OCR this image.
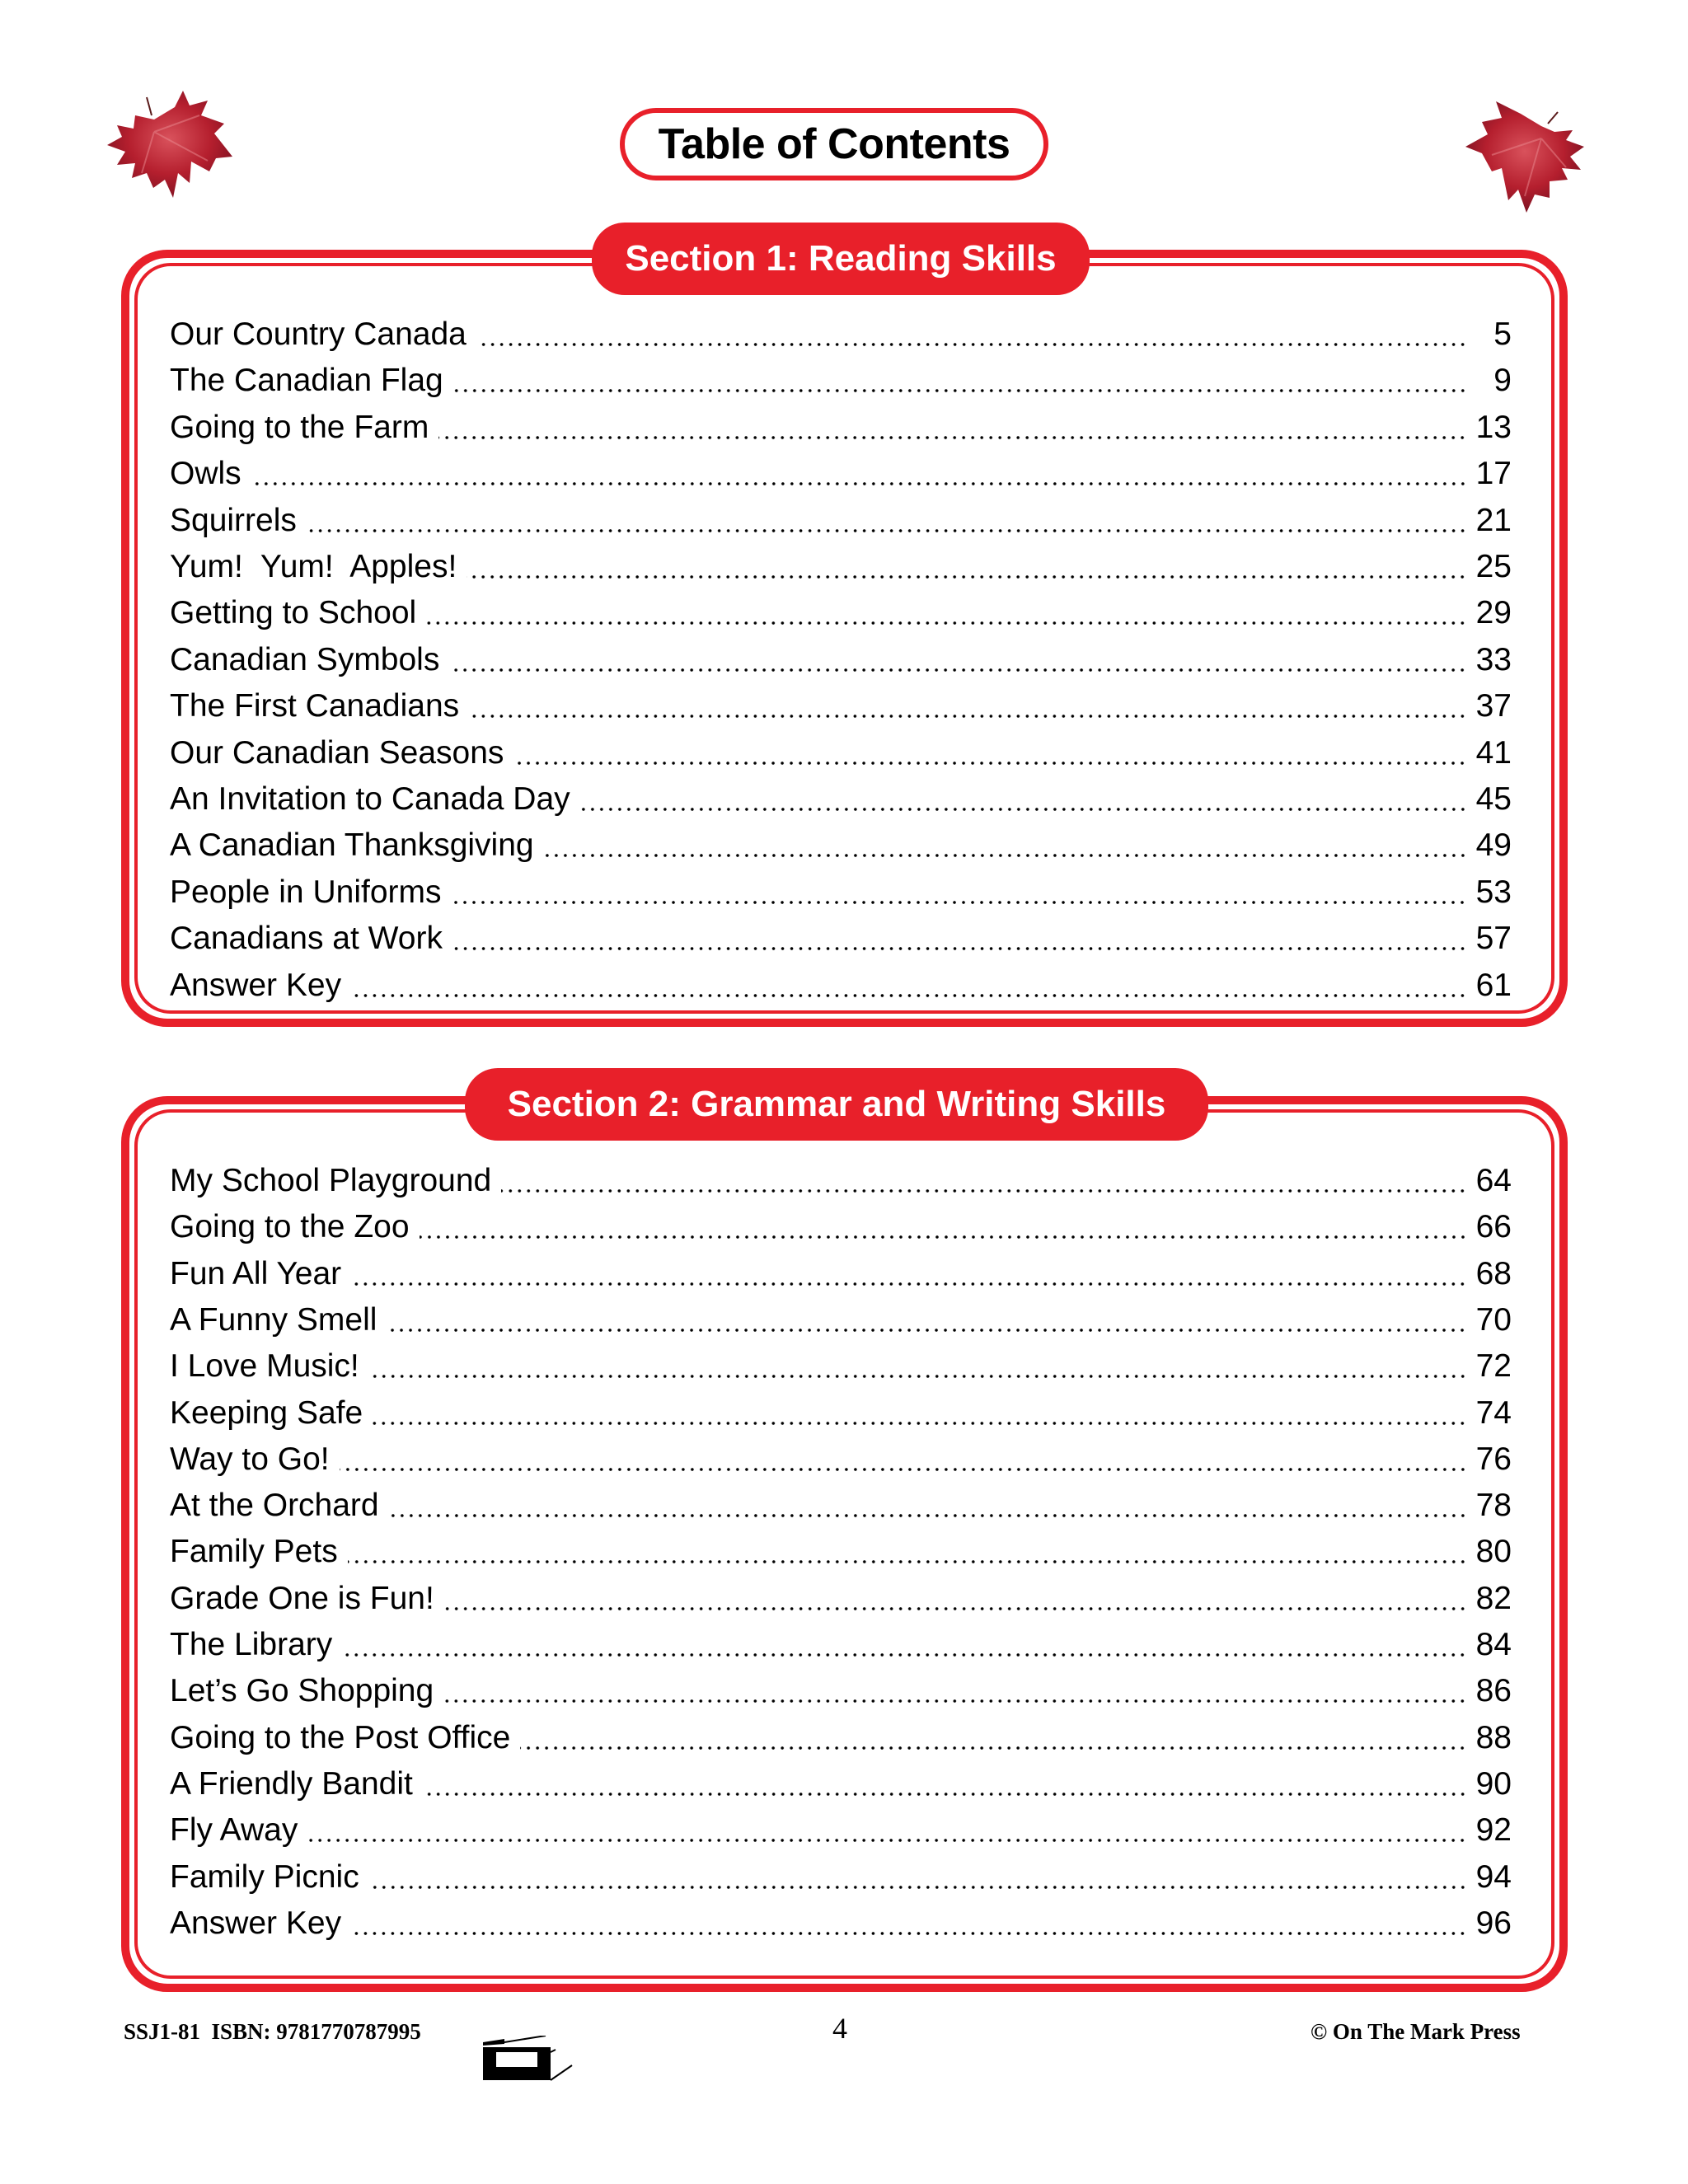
Table of Contents
Section 1: Reading Skills
Our Country Canada	5
The Canadian Flag	9
Going to the Farm	13
Owls	17
Squirrels	21
Yum!  Yum!  Apples!	25
Getting to School	29
Canadian Symbols	33
The First Canadians	37
Our Canadian Seasons	41
An Invitation to Canada Day	45
A Canadian Thanksgiving	49
People in Uniforms	53
Canadians at Work	57
Answer Key	61
Section 2: Grammar and Writing Skills
My School Playground	64
Going to the Zoo	66
Fun All Year	68
A Funny Smell	70
I Love Music!	72
Keeping Safe	74
Way to Go!	76
At the Orchard	78
Family Pets	80
Grade One is Fun!	82
The Library	84
Let’s Go Shopping	86
Going to the Post Office	88
A Friendly Bandit	90
Fly Away	92
Family Picnic	94
Answer Key	96
SSJ1-81  ISBN: 9781770787995	4	© On The Mark Press
